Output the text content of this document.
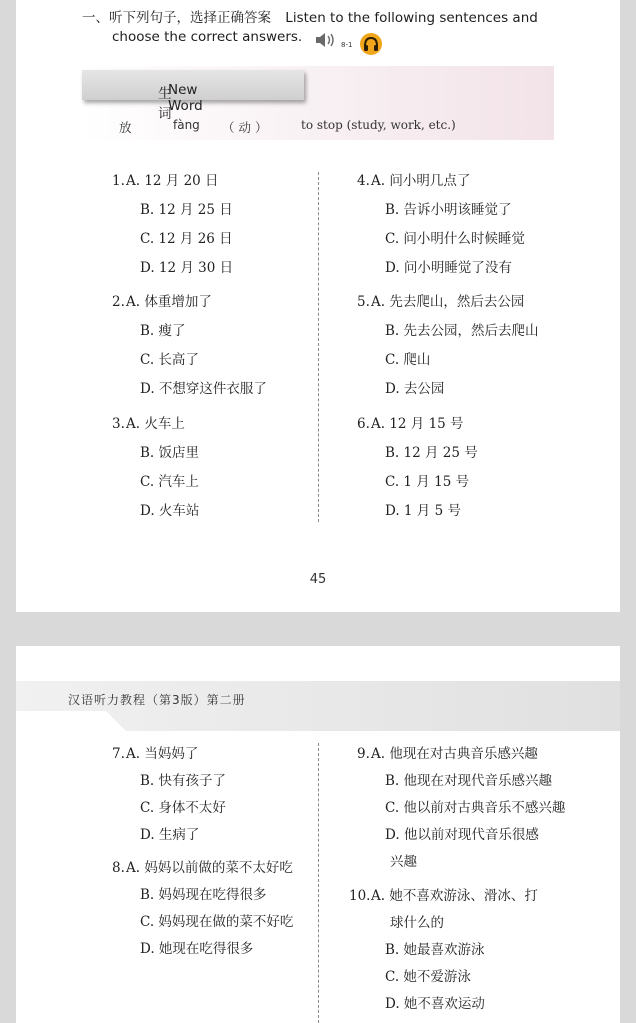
一、听下列句子，选择正确答案 Listen to the following sentences and
choose the correct answers.	8-1
生词
New Word
放	fàng （ 动 ）	to stop (study, work, etc.)
1. A. 12 月 20 日
B. 12 月 25 日
C. 12 月 26 日
D. 12 月 30 日
2. A. 体重增加了
B. 瘦了
C. 长高了
D. 不想穿这件衣服了
3. A. 火车上
B. 饭店里
C. 汽车上
D. 火车站
4. A. 问小明几点了
B. 告诉小明该睡觉了
C. 问小明什么时候睡觉
D. 问小明睡觉了没有
5. A. 先去爬山，然后去公园
B. 先去公园，然后去爬山
C. 爬山
D. 去公园
6. A. 12 月 15 号
B. 12 月 25 号
C. 1 月 15 号
D. 1 月 5 号
45
汉语听力教程（第3版）第二册
7. A. 当妈妈了
B. 快有孩子了
C. 身体不太好
D. 生病了
8. A. 妈妈以前做的菜不太好吃
B. 妈妈现在吃得很多
C. 妈妈现在做的菜不好吃
D. 她现在吃得很多
9. A. 他现在对古典音乐感兴趣
B. 他现在对现代音乐感兴趣
C. 他以前对古典音乐不感兴趣
D. 他以前对现代音乐很感
兴趣
10. A. 她不喜欢游泳、滑冰、打
球什么的
B. 她最喜欢游泳
C. 她不爱游泳
D. 她不喜欢运动
